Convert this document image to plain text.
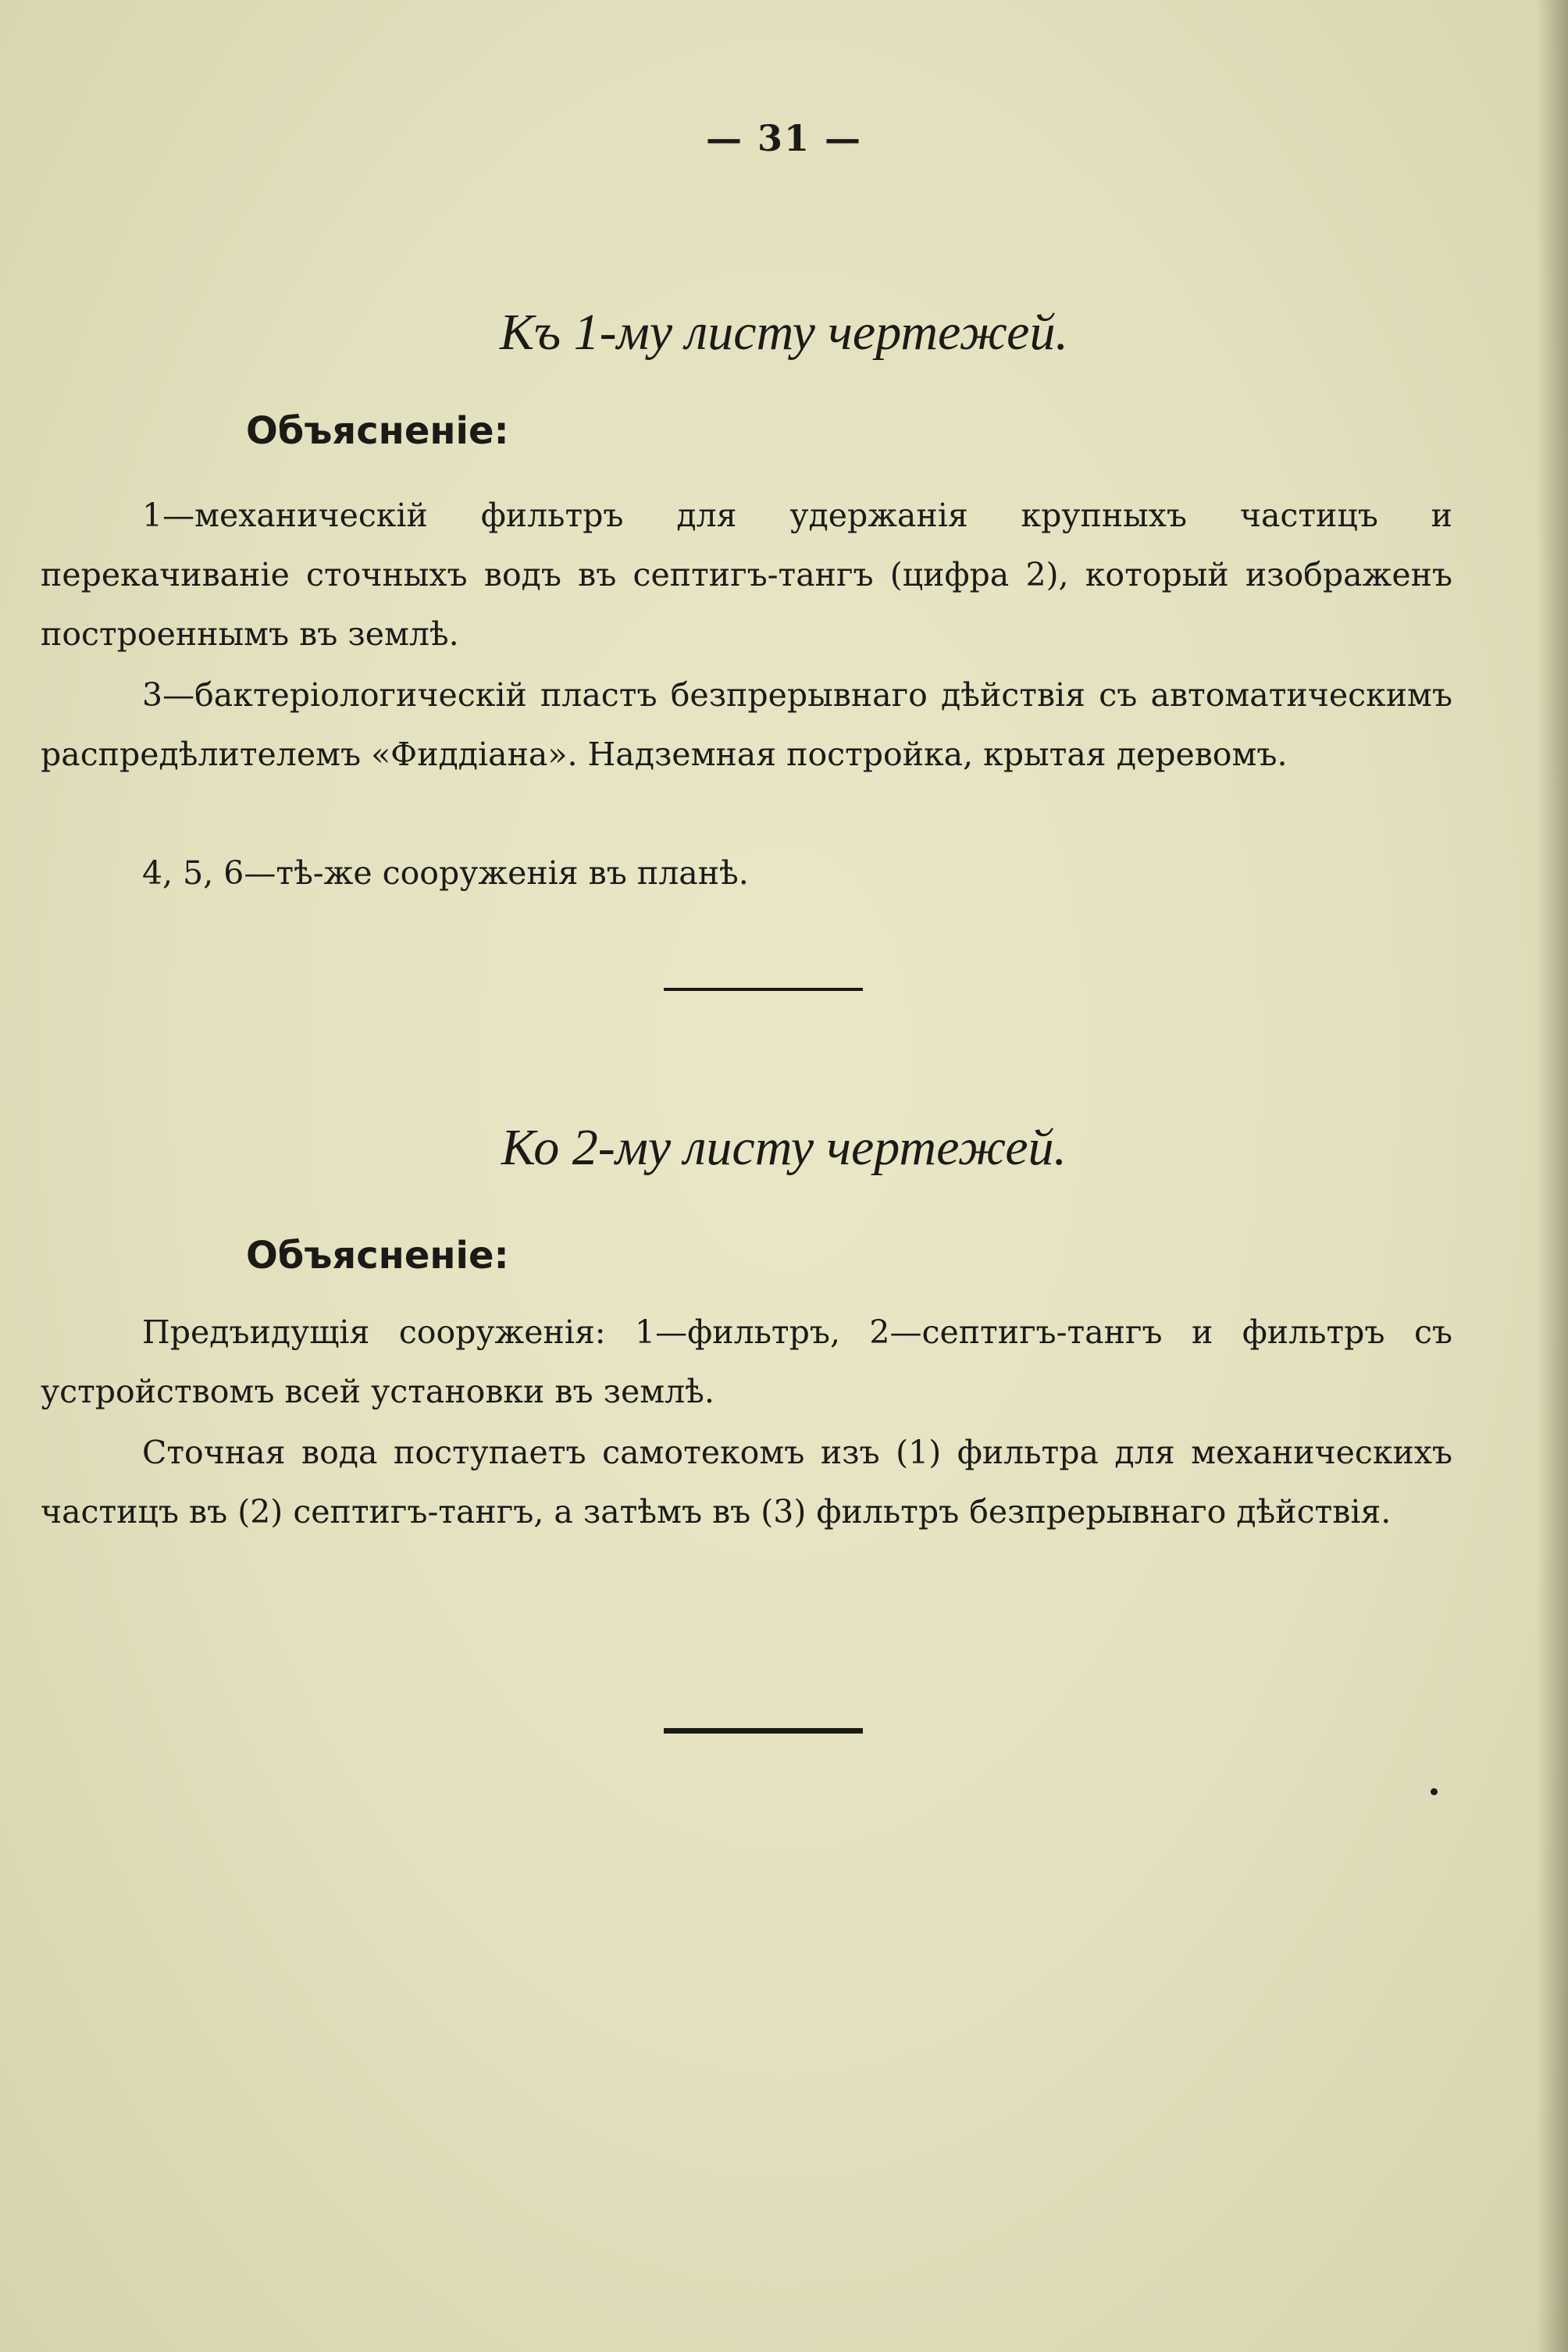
— 31 —
Къ 1-му листу чертежей.
Объясненіе:
1—механическій фильтръ для удержанія крупныхъ частицъ и перекачиваніе сточныхъ водъ въ септигъ-тангъ (цифра 2), который изображенъ построеннымъ въ землѣ.
3—бактеріологическій пластъ безпрерывнаго дѣйствія съ автоматическимъ распредѣлителемъ «Фиддіана». Надземная постройка, крытая деревомъ.
4, 5, 6—тѣ-же сооруженія въ планѣ.
Ко 2-му листу чертежей.
Объясненіе:
Предъидущія сооруженія: 1—фильтръ, 2—септигъ-тангъ и фильтръ съ устройствомъ всей установки въ землѣ.
Сточная вода поступаетъ самотекомъ изъ (1) фильтра для механическихъ частицъ въ (2) септигъ-тангъ, а затѣмъ въ (3) фильтръ безпрерывнаго дѣйствія.
